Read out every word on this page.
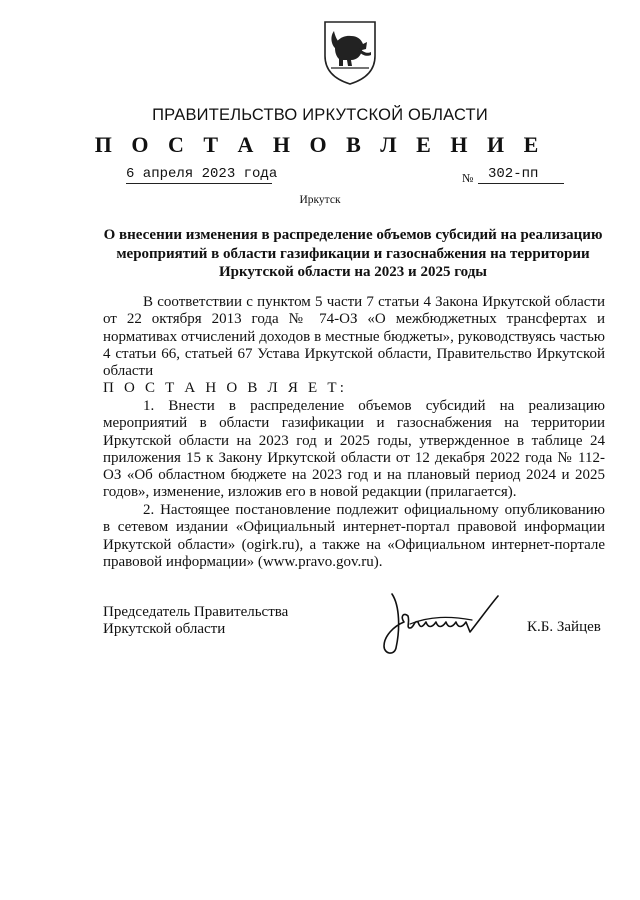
ПРАВИТЕЛЬСТВО ИРКУТСКОЙ ОБЛАСТИ
П О С Т А Н О В Л Е Н И Е
6 апреля 2023 года	№ 302-пп
Иркутск
О внесении изменения в распределение объемов субсидий на реализацию мероприятий в области газификации и газоснабжения на территории Иркутской области на 2023 и 2025 годы
В соответствии с пунктом 5 части 7 статьи 4 Закона Иркутской области от 22 октября 2013 года № 74-ОЗ «О межбюджетных трансфертах и нормативах отчислений доходов в местные бюджеты», руководствуясь частью 4 статьи 66, статьей 67 Устава Иркутской области, Правительство Иркутской области
П О С Т А Н О В Л Я Е Т:
1. Внести в распределение объемов субсидий на реализацию мероприятий в области газификации и газоснабжения на территории Иркутской области на 2023 год и 2025 годы, утвержденное в таблице 24 приложения 15 к Закону Иркутской области от 12 декабря 2022 года № 112-ОЗ «Об областном бюджете на 2023 год и на плановый период 2024 и 2025 годов», изменение, изложив его в новой редакции (прилагается).
2. Настоящее постановление подлежит официальному опубликованию в сетевом издании «Официальный интернет-портал правовой информации Иркутской области» (ogirk.ru), а также на «Официальном интернет-портале правовой информации» (www.pravo.gov.ru).
Председатель Правительства
Иркутской области	К.Б. Зайцев
